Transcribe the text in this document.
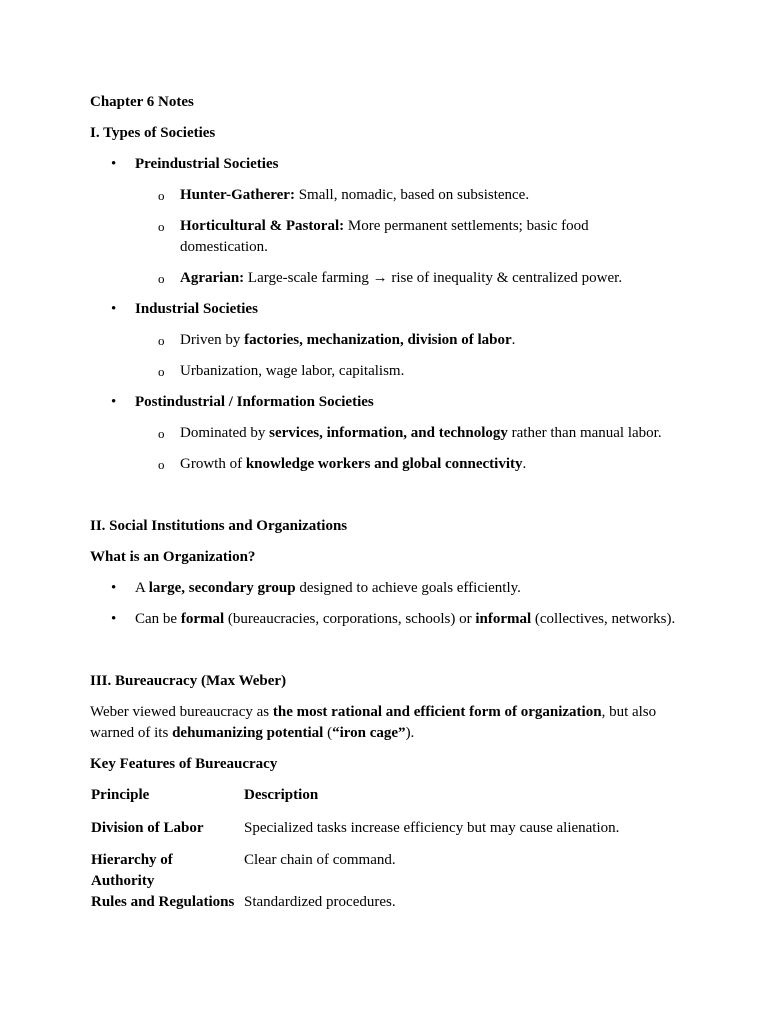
Chapter 6 Notes

I. Types of Societies

• Preindustrial Societies
o Hunter-Gatherer: Small, nomadic, based on subsistence.
o Horticultural & Pastoral: More permanent settlements; basic food domestication.
o Agrarian: Large-scale farming → rise of inequality & centralized power.
• Industrial Societies
o Driven by factories, mechanization, division of labor.
o Urbanization, wage labor, capitalism.
• Postindustrial / Information Societies
o Dominated by services, information, and technology rather than manual labor.
o Growth of knowledge workers and global connectivity.

II. Social Institutions and Organizations

What is an Organization?

• A large, secondary group designed to achieve goals efficiently.
• Can be formal (bureaucracies, corporations, schools) or informal (collectives, networks).

III. Bureaucracy (Max Weber)

Weber viewed bureaucracy as the most rational and efficient form of organization, but also warned of its dehumanizing potential (“iron cage”).

Key Features of Bureaucracy

Principle	Description
Division of Labor	Specialized tasks increase efficiency but may cause alienation.
Hierarchy of Authority	Clear chain of command.
Rules and Regulations	Standardized procedures.
